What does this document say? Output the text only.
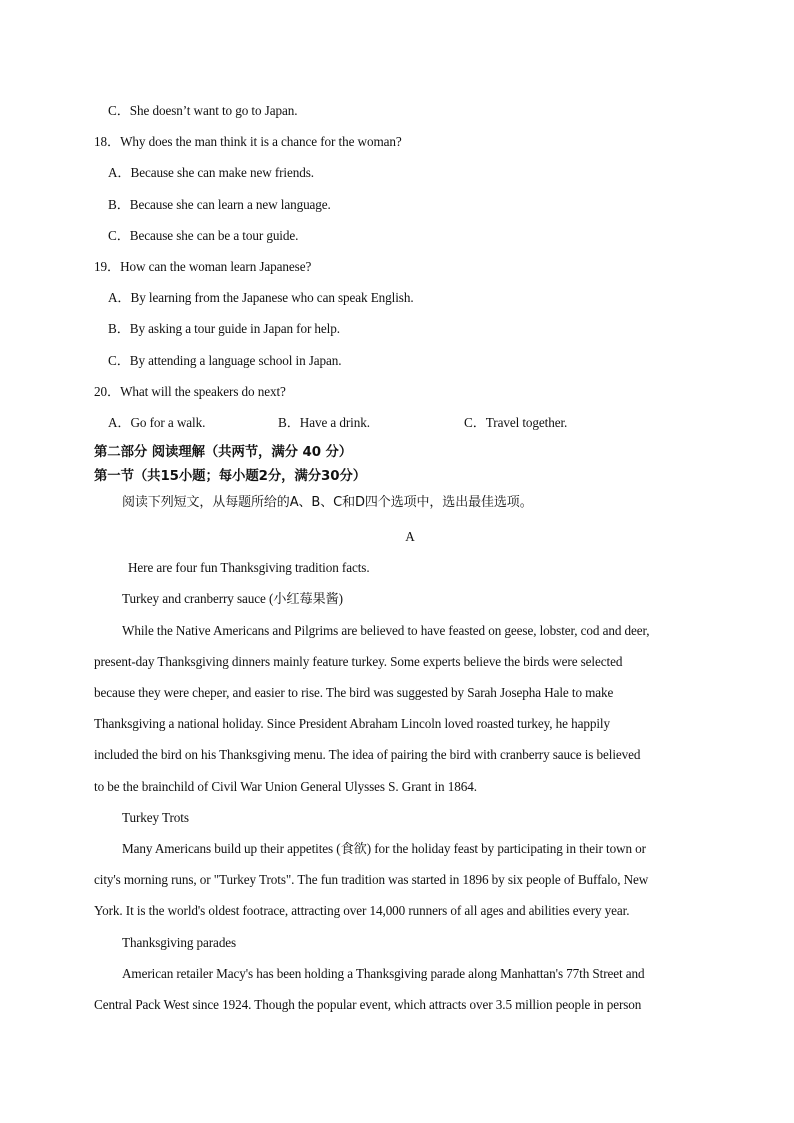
C．She doesn’t want to go to Japan.
18．Why does the man think it is a chance for the woman?
A．Because she can make new friends.
B．Because she can learn a new language.
C．Because she can be a tour guide.
19．How can the woman learn Japanese?
A．By learning from the Japanese who can speak English.
B．By asking a tour guide in Japan for help.
C．By attending a language school in Japan.
20．What will the speakers do next?
A．Go for a walk.	B．Have a drink.	C．Travel together.
第二部分 阅读理解（共两节，满分 40 分）
第一节（共15小题；每小题2分，满分30分）
阅读下列短文，从每题所给的A、B、C和D四个选项中，选出最佳选项。
A
Here are four fun Thanksgiving tradition facts.
Turkey and cranberry sauce (小红莓果酱)
While the Native Americans and Pilgrims are believed to have feasted on geese, lobster, cod and deer,
present-day Thanksgiving dinners mainly feature turkey. Some experts believe the birds were selected
because they were cheper, and easier to rise. The bird was suggested by Sarah Josepha Hale to make
Thanksgiving a national holiday. Since President Abraham Lincoln loved roasted turkey, he happily
included the bird on his Thanksgiving menu. The idea of pairing the bird with cranberry sauce is believed
to be the brainchild of Civil War Union General Ulysses S. Grant in 1864.
Turkey Trots
Many Americans build up their appetites (食欲) for the holiday feast by participating in their town or
city's morning runs, or "Turkey Trots". The fun tradition was started in 1896 by six people of Buffalo, New
York. It is the world's oldest footrace, attracting over 14,000 runners of all ages and abilities every year.
Thanksgiving parades
American retailer Macy's has been holding a Thanksgiving parade along Manhattan's 77th Street and
Central Pack West since 1924. Though the popular event, which attracts over 3.5 million people in person
